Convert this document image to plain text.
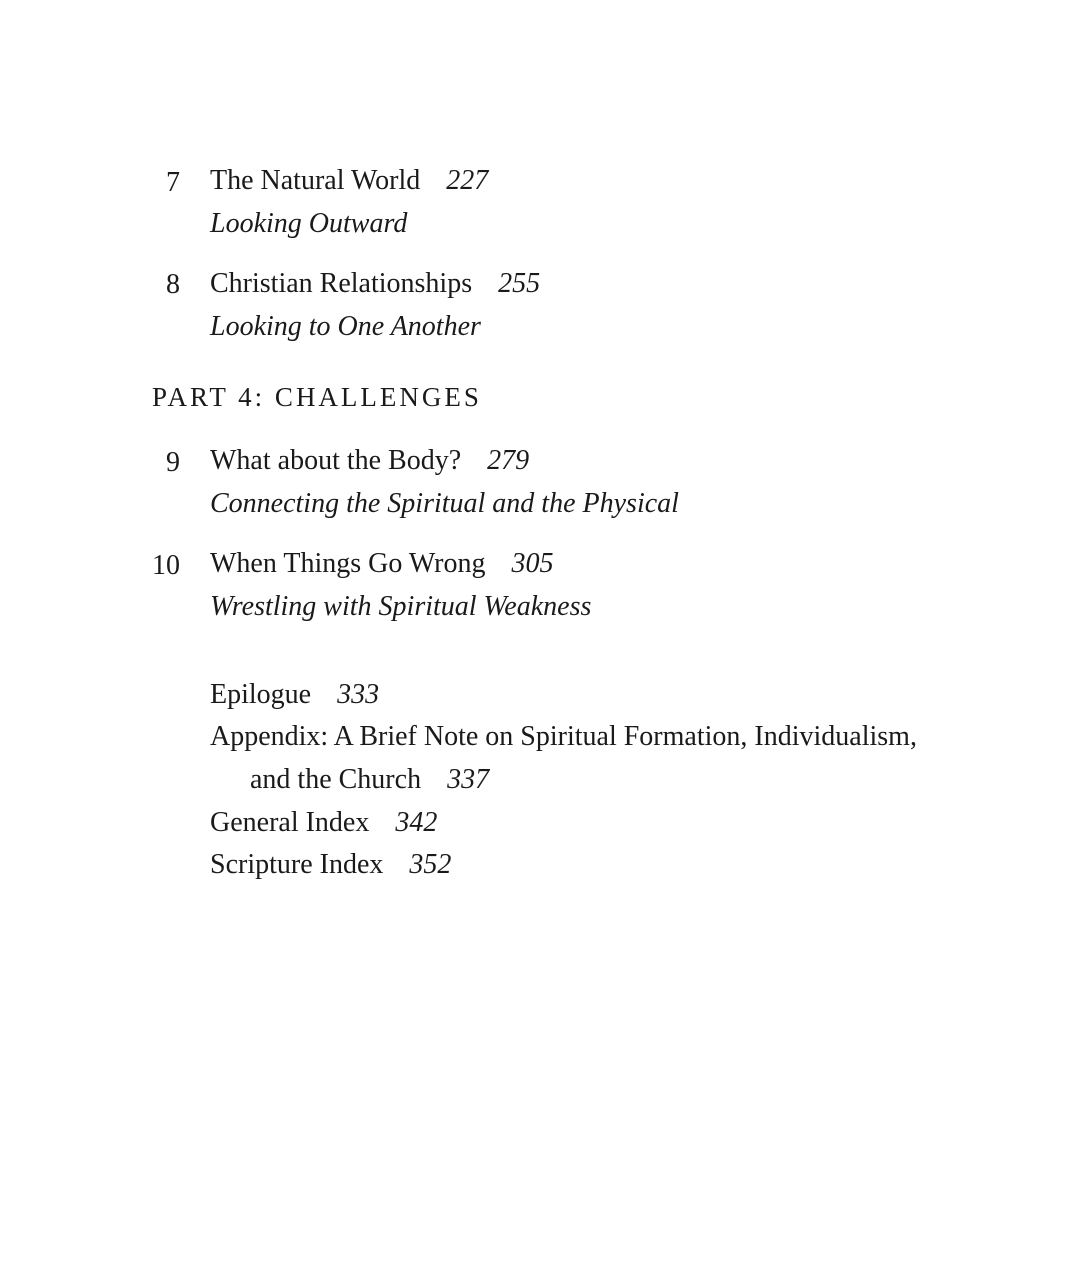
7 The Natural World 227
Looking Outward
8 Christian Relationships 255
Looking to One Another
PART 4: CHALLENGES
9 What about the Body? 279
Connecting the Spiritual and the Physical
10 When Things Go Wrong 305
Wrestling with Spiritual Weakness
Epilogue 333
Appendix: A Brief Note on Spiritual Formation, Individualism,
and the Church 337
General Index 342
Scripture Index 352
